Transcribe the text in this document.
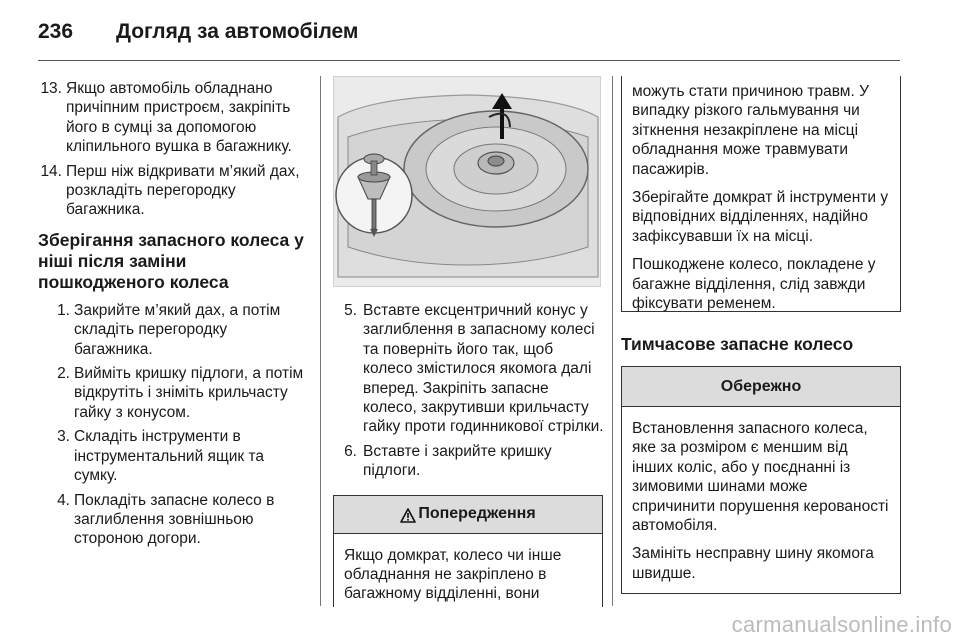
236	Догляд за автомобілем
13. Якщо автомобіль обладнано причіпним пристроєм, закріпіть його в сумці за допомогою кліпильного вушка в багажнику.
14. Перш ніж відкривати м’який дах, розкладіть перегородку багажника.
Зберігання запасного колеса у ніші після заміни пошкодженого колеса
1. Закрийте м’який дах, а потім складіть перегородку багажника.
2. Вийміть кришку підлоги, а потім відкрутіть і зніміть крильчасту гайку з конусом.
3. Складіть інструменти в інструментальний ящик та сумку.
4. Покладіть запасне колесо в заглиблення зовнішньою стороною догори.
5. Вставте ексцентричний конус у заглиблення в запасному колесі та поверніть його так, щоб колесо змістилося якомога далі вперед. Закріпіть запасне колесо, закрутивши крильчасту гайку проти годинникової стрілки.
6. Вставте і закрийте кришку підлоги.
Попередження

Якщо домкрат, колесо чи інше обладнання не закріплено в багажному відділенні, вони

можуть стати причиною травм. У випадку різкого гальмування чи зіткнення незакріплене на місці обладнання може травмувати пасажирів.

Зберігайте домкрат й інструменти у відповідних відділеннях, надійно зафіксувавши їх на місці.

Пошкоджене колесо, покладене у багажне відділення, слід завжди фіксувати ременем.

Тимчасове запасне колесо
Обережно

Встановлення запасного колеса, яке за розміром є меншим від інших коліс, або у поєднанні із зимовими шинами може спричинити порушення керованості автомобіля.

Замініть несправну шину якомога швидше.

carmanualsonline.info
